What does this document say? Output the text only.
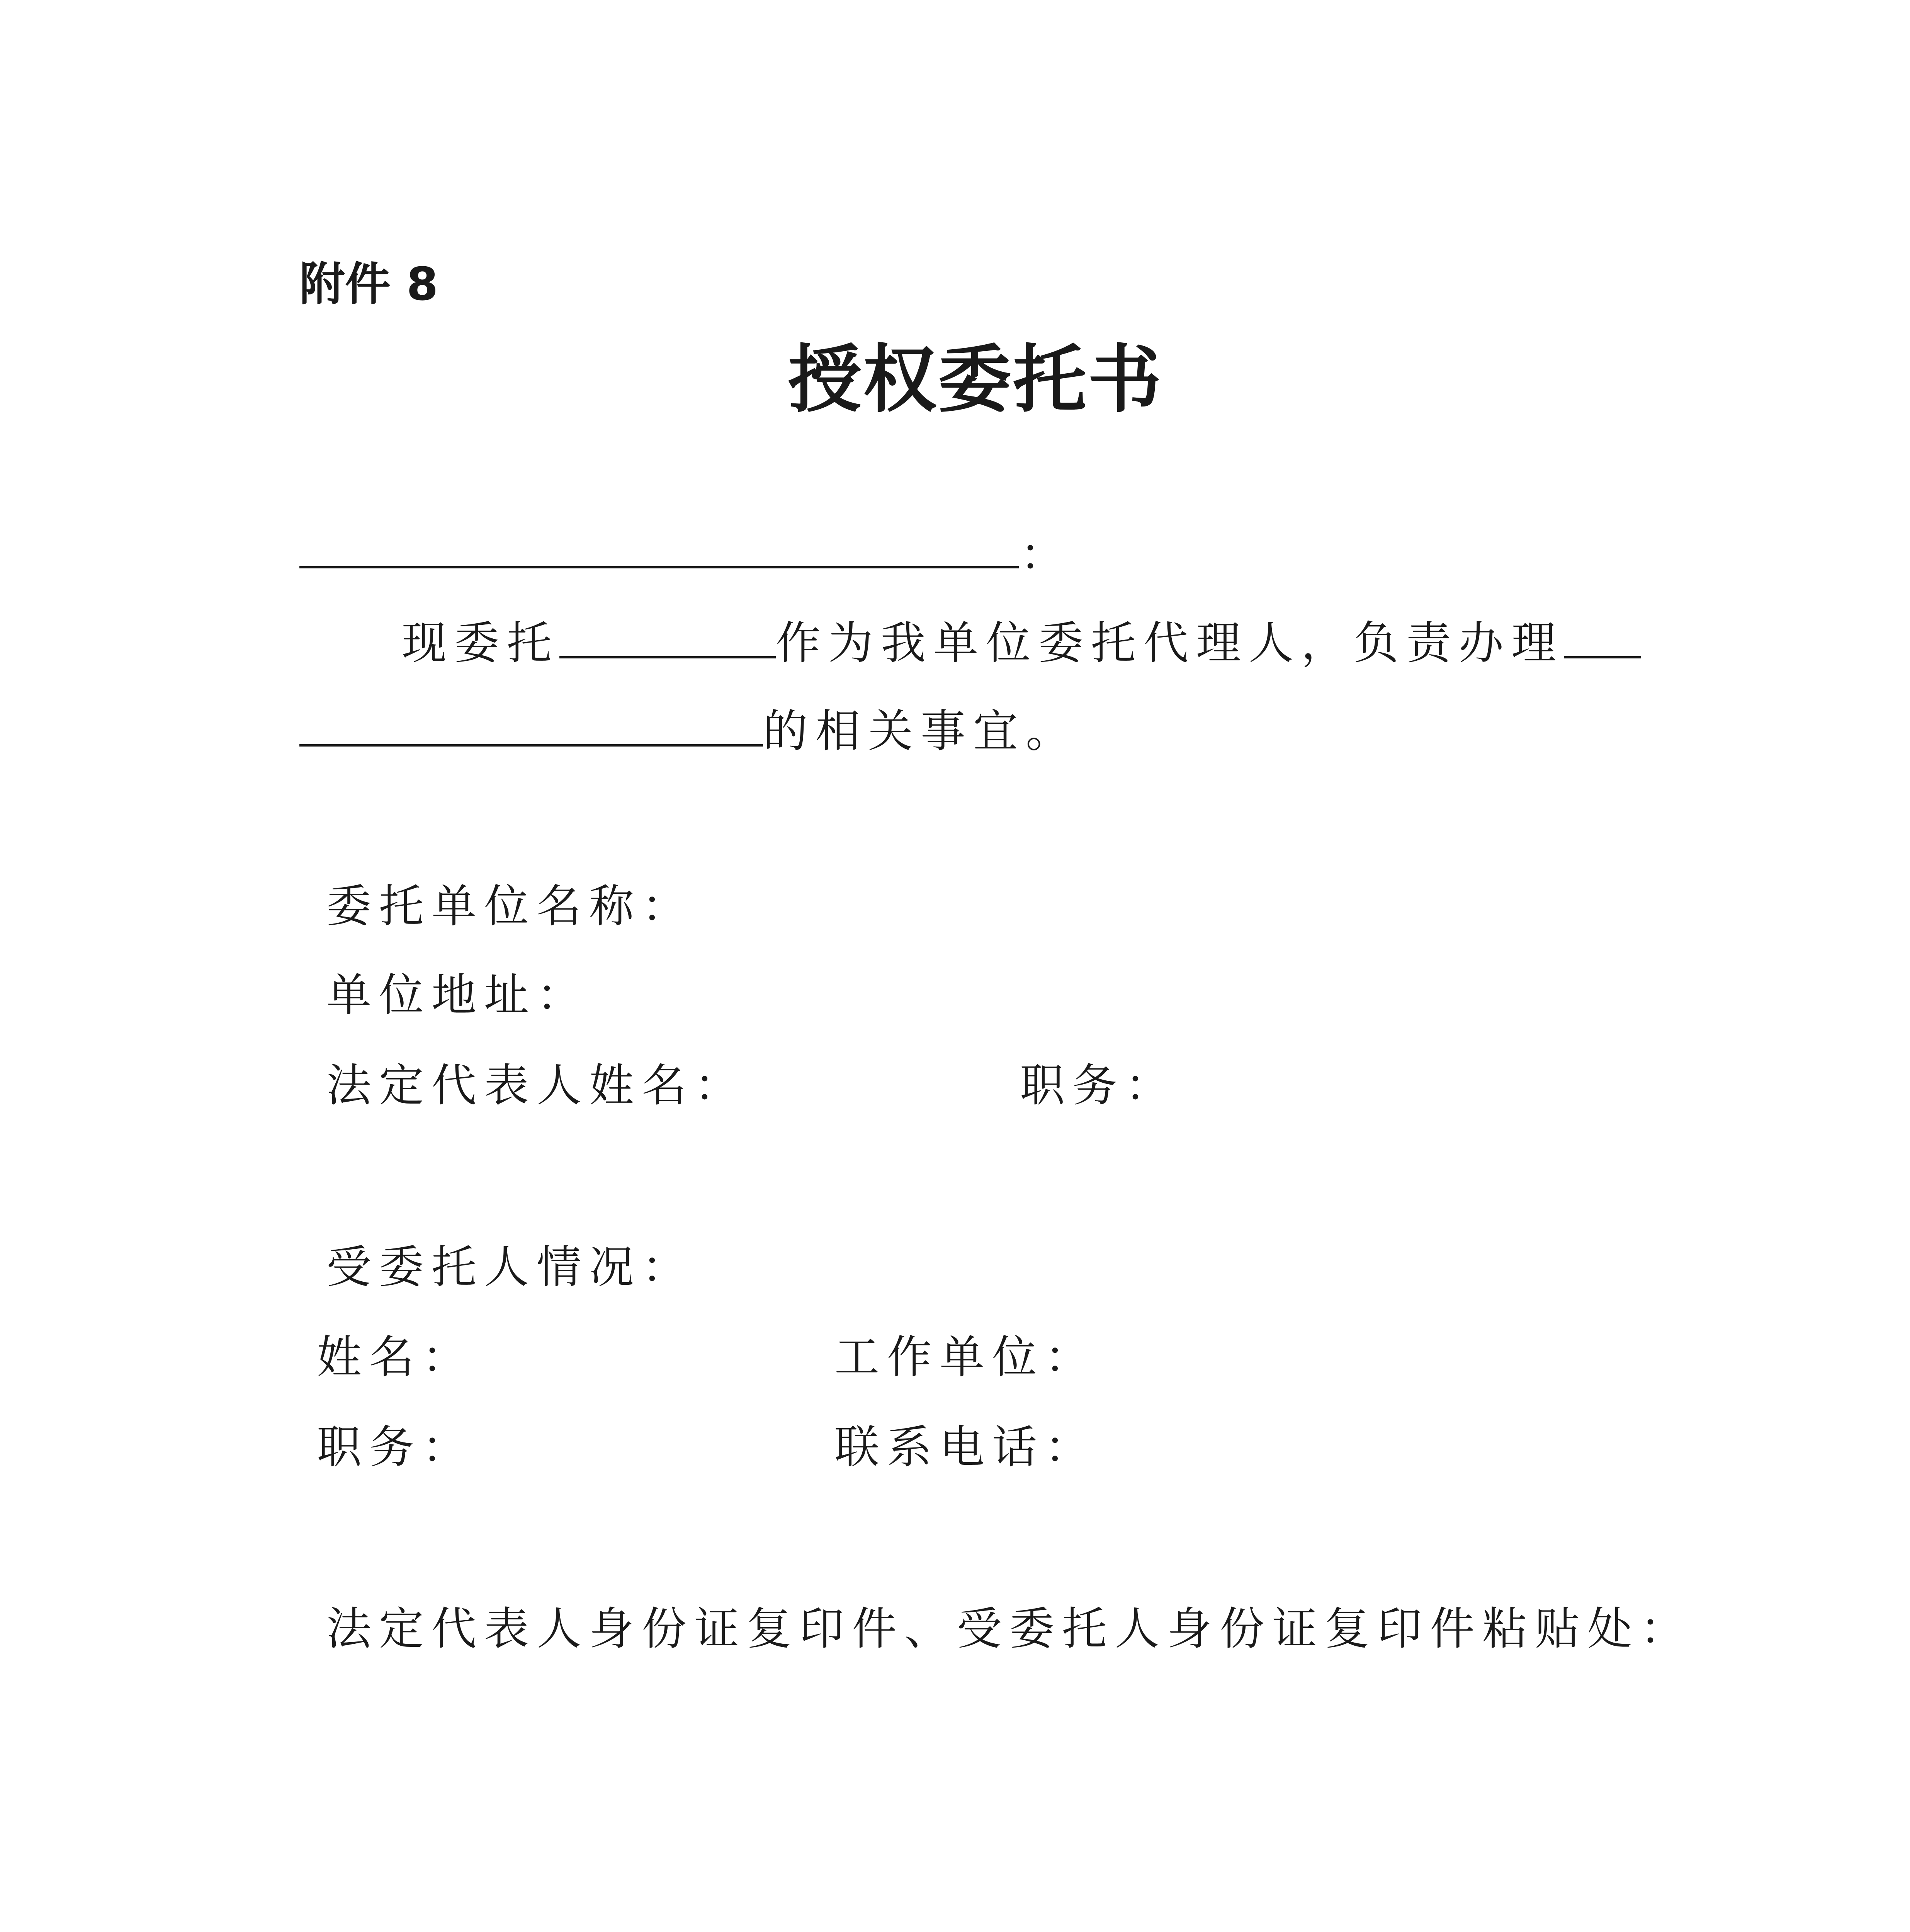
附件 8
授权委托书
：
现委托	作为我单位委托代理人，负责办理
的相关事宜。
委托单位名称：
单位地址：
法定代表人姓名：	职务：
受委托人情况：
姓名：	工作单位：
职务：	联系电话：
法定代表人身份证复印件、受委托人身份证复印件粘贴处：
